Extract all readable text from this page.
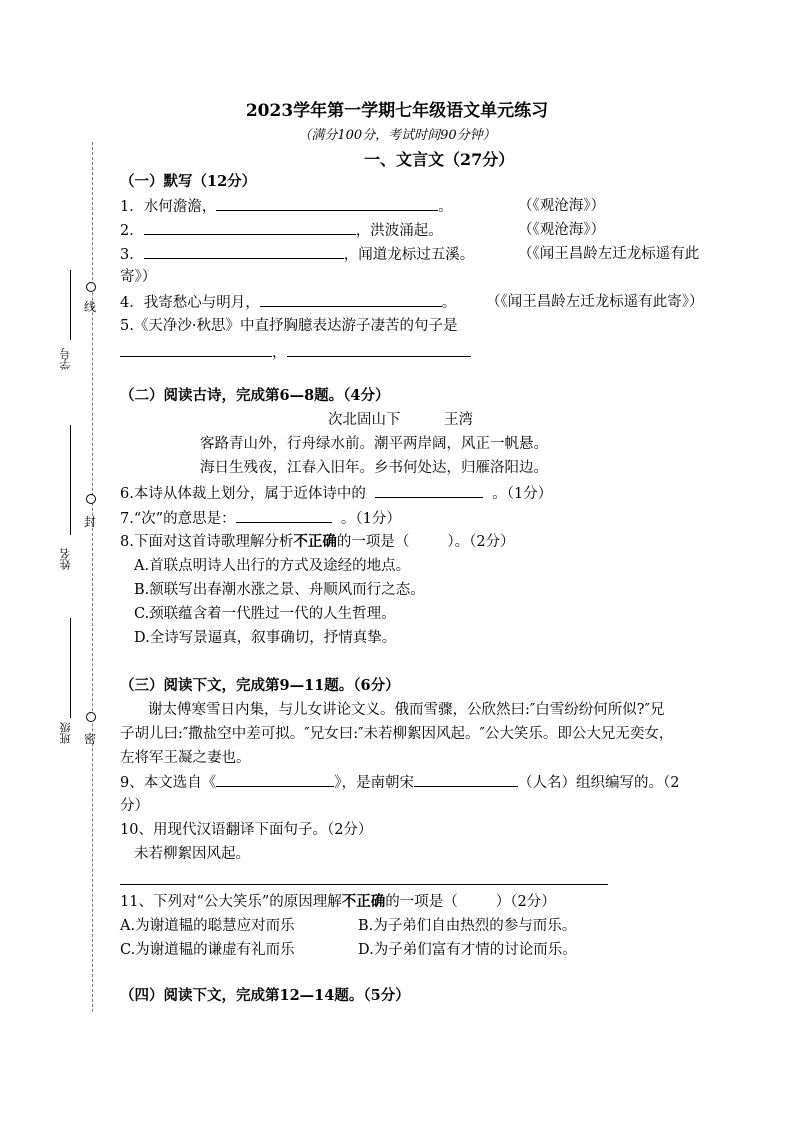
线
学号
封
姓名
密
班级
2023学年第一学期七年级语文单元练习
（满分100分，考试时间90分钟）
一、文言文（27分）
（一）默写（12分）
1．水何澹澹，	。	（《观沧海》）
2．	，洪波涌起。	（《观沧海》）
3．	，闻道龙标过五溪。	（《闻王昌龄左迁龙标遥有此
寄》）
4．我寄愁心与明月，	。 （《闻王昌龄左迁龙标遥有此寄》）
5.《天净沙·秋思》中直抒胸臆表达游子凄苦的句子是
，
（二）阅读古诗，完成第6—8题。（4分）
次北固山下	王湾
客路青山外，行舟绿水前。潮平两岸阔，风正一帆悬。
海日生残夜，江春入旧年。乡书何处达，归雁洛阳边。
6.本诗从体裁上划分，属于近体诗中的	。（1分）
7.“次”的意思是：	。（1分）
8.下面对这首诗歌理解分析不正确的一项是（	）。（2分）
A.首联点明诗人出行的方式及途经的地点。
B.颔联写出春潮水涨之景、舟顺风而行之态。
C.颈联蕴含着一代胜过一代的人生哲理。
D.全诗写景逼真，叙事确切，抒情真挚。
（三）阅读下文，完成第9—11题。（6分）
谢太傅寒雪日内集，与儿女讲论文义。俄而雪骤，公欣然曰:″白雪纷纷何所似?″兄
子胡儿曰:″撒盐空中差可拟。″兄女曰:″未若柳絮因风起。″公大笑乐。即公大兄无奕女，
左将军王凝之妻也。
9、本文选自《	》，是南朝宋	（人名）组织编写的。（2
分）
10、用现代汉语翻译下面句子。（2分）
未若柳絮因风起。
11、下列对“公大笑乐”的原因理解不正确的一项是（	）（2分）
A.为谢道韫的聪慧应对而乐	B.为子弟们自由热烈的参与而乐。
C.为谢道韫的谦虚有礼而乐	D.为子弟们富有才情的讨论而乐。
（四）阅读下文，完成第12—14题。（5分）
